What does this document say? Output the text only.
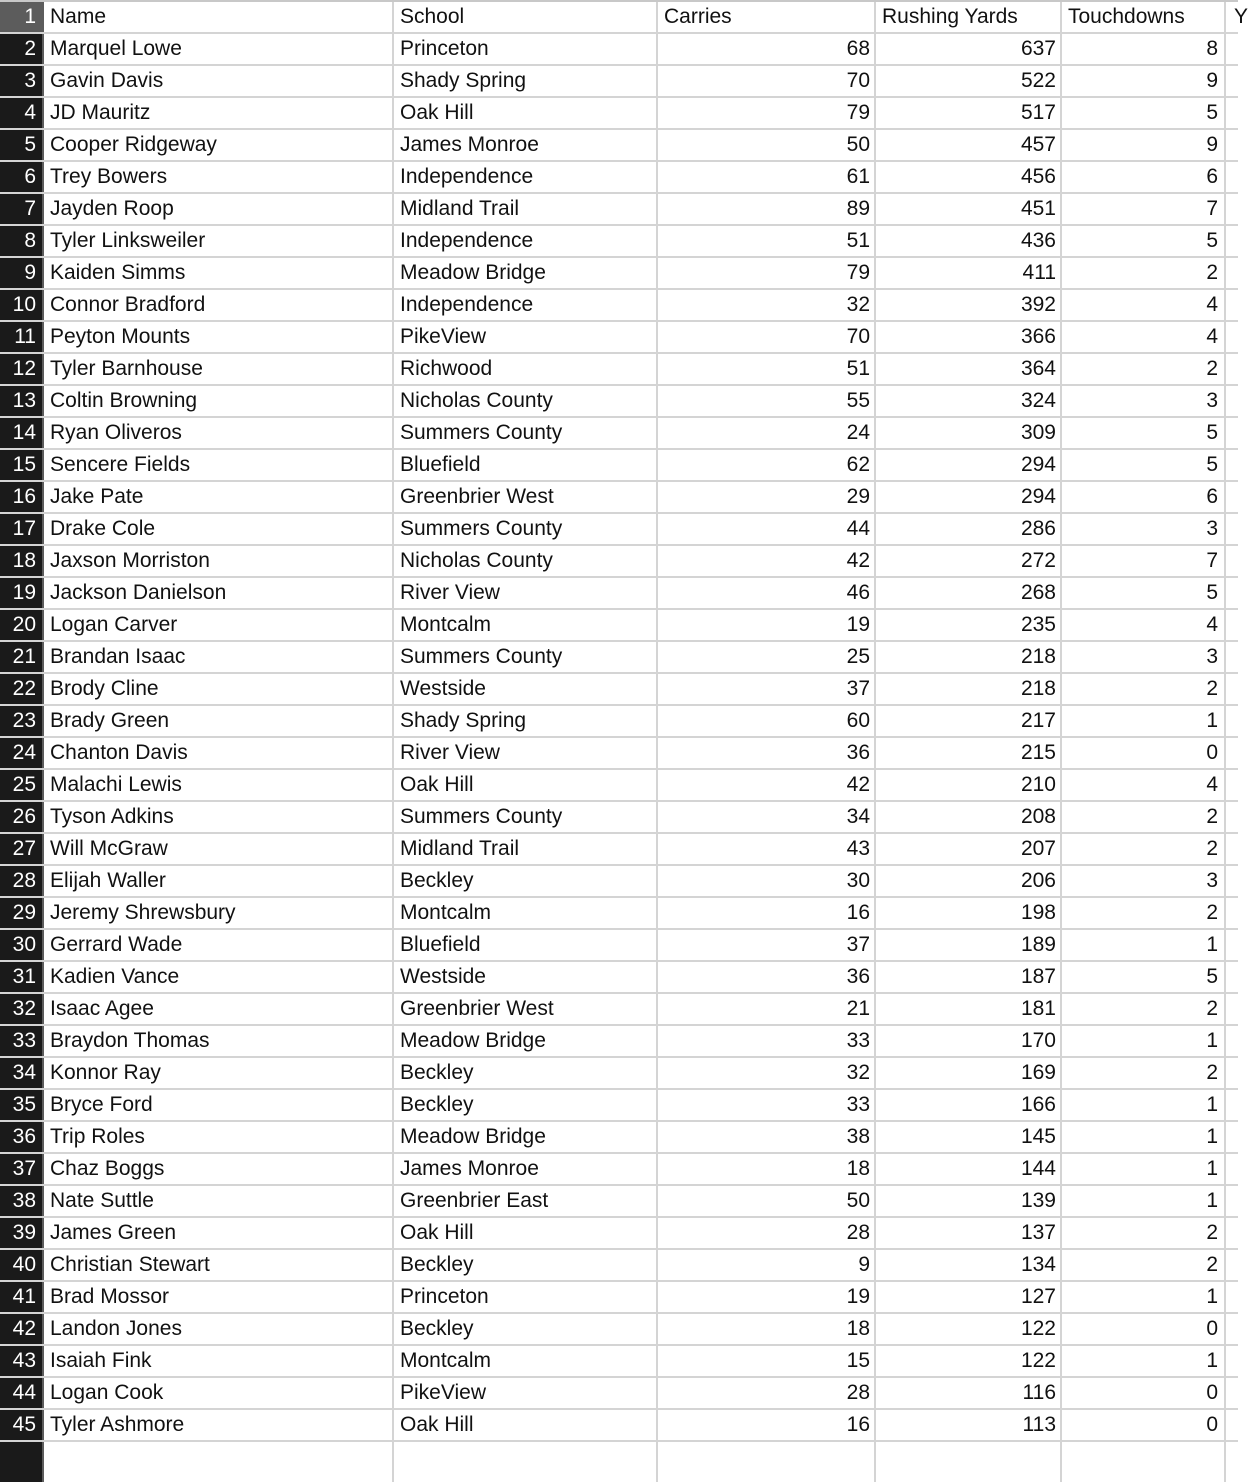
1 Name	School	Carries	Rushing Yards	Touchdowns	Y
2 Marquel Lowe	Princeton	68	637	8
3 Gavin Davis	Shady Spring	70	522	9
4 JD Mauritz	Oak Hill	79	517	5
5 Cooper Ridgeway	James Monroe	50	457	9
6 Trey Bowers	Independence	61	456	6
7 Jayden Roop	Midland Trail	89	451	7
8 Tyler Linksweiler	Independence	51	436	5
9 Kaiden Simms	Meadow Bridge	79	411	2
10 Connor Bradford	Independence	32	392	4
11 Peyton Mounts	PikeView	70	366	4
12 Tyler Barnhouse	Richwood	51	364	2
13 Coltin Browning	Nicholas County	55	324	3
14 Ryan Oliveros	Summers County	24	309	5
15 Sencere Fields	Bluefield	62	294	5
16 Jake Pate	Greenbrier West	29	294	6
17 Drake Cole	Summers County	44	286	3
18 Jaxson Morriston	Nicholas County	42	272	7
19 Jackson Danielson	River View	46	268	5
20 Logan Carver	Montcalm	19	235	4
21 Brandan Isaac	Summers County	25	218	3
22 Brody Cline	Westside	37	218	2
23 Brady Green	Shady Spring	60	217	1
24 Chanton Davis	River View	36	215	0
25 Malachi Lewis	Oak Hill	42	210	4
26 Tyson Adkins	Summers County	34	208	2
27 Will McGraw	Midland Trail	43	207	2
28 Elijah Waller	Beckley	30	206	3
29 Jeremy Shrewsbury	Montcalm	16	198	2
30 Gerrard Wade	Bluefield	37	189	1
31 Kadien Vance	Westside	36	187	5
32 Isaac Agee	Greenbrier West	21	181	2
33 Braydon Thomas	Meadow Bridge	33	170	1
34 Konnor Ray	Beckley	32	169	2
35 Bryce Ford	Beckley	33	166	1
36 Trip Roles	Meadow Bridge	38	145	1
37 Chaz Boggs	James Monroe	18	144	1
38 Nate Suttle	Greenbrier East	50	139	1
39 James Green	Oak Hill	28	137	2
40 Christian Stewart	Beckley	9	134	2
41 Brad Mossor	Princeton	19	127	1
42 Landon Jones	Beckley	18	122	0
43 Isaiah Fink	Montcalm	15	122	1
44 Logan Cook	PikeView	28	116	0
45 Tyler Ashmore	Oak Hill	16	113	0
